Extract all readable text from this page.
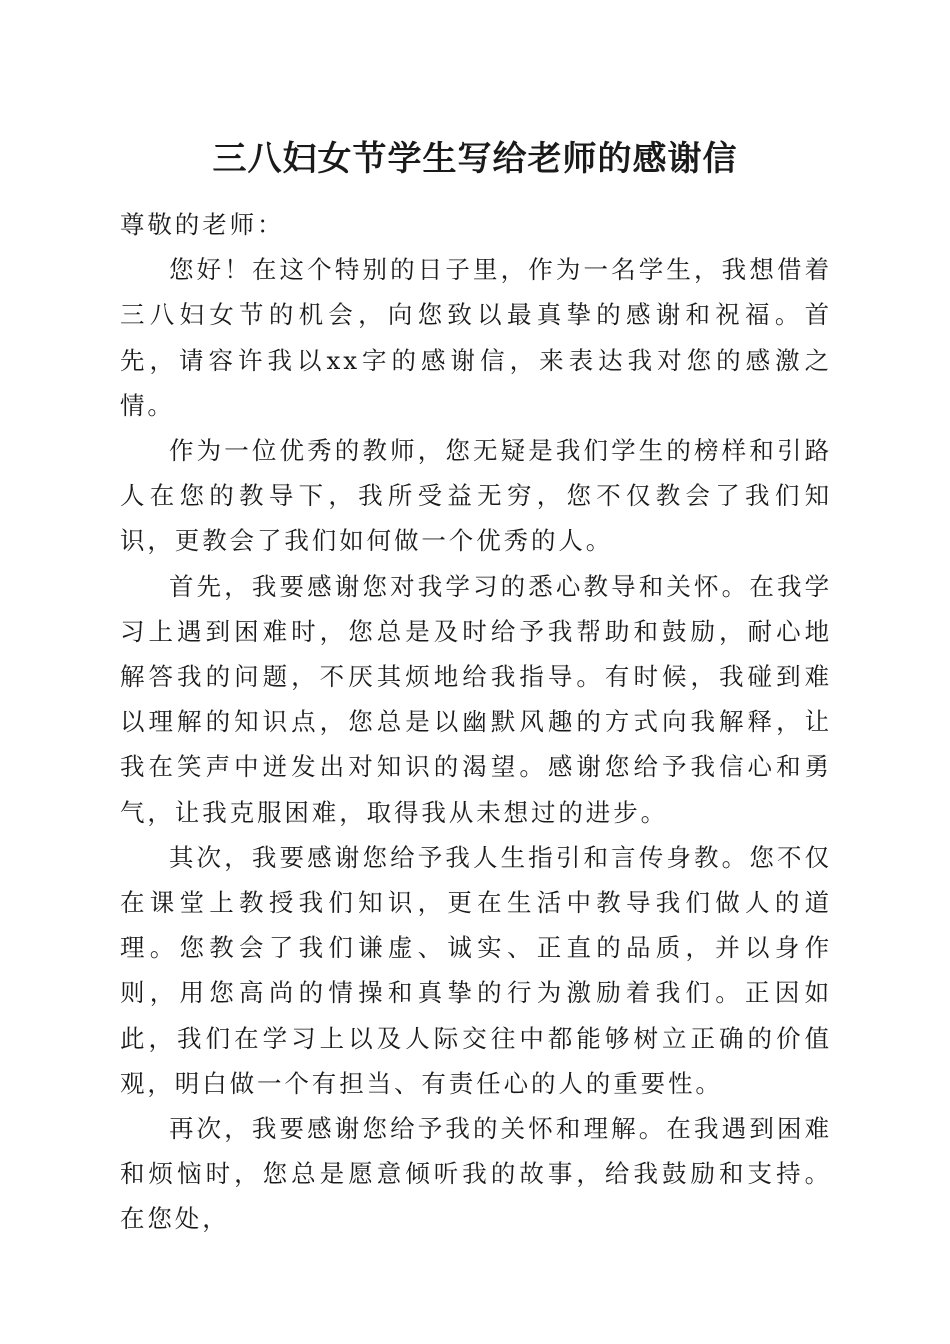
三八妇女节学生写给老师的感谢信

尊敬的老师：

您好！在这个特别的日子里，作为一名学生，我想借着三八妇女节的机会，向您致以最真挚的感谢和祝福。首先，请容许我以xx字的感谢信，来表达我对您的感激之情。

作为一位优秀的教师，您无疑是我们学生的榜样和引路人在您的教导下，我所受益无穷，您不仅教会了我们知识，更教会了我们如何做一个优秀的人。

首先，我要感谢您对我学习的悉心教导和关怀。在我学习上遇到困难时，您总是及时给予我帮助和鼓励，耐心地解答我的问题，不厌其烦地给我指导。有时候，我碰到难以理解的知识点，您总是以幽默风趣的方式向我解释，让我在笑声中迸发出对知识的渴望。感谢您给予我信心和勇气，让我克服困难，取得我从未想过的进步。

其次，我要感谢您给予我人生指引和言传身教。您不仅在课堂上教授我们知识，更在生活中教导我们做人的道理。您教会了我们谦虚、诚实、正直的品质，并以身作则，用您高尚的情操和真挚的行为激励着我们。正因如此，我们在学习上以及人际交往中都能够树立正确的价值观，明白做一个有担当、有责任心的人的重要性。

再次，我要感谢您给予我的关怀和理解。在我遇到困难和烦恼时，您总是愿意倾听我的故事，给我鼓励和支持。在您处，
